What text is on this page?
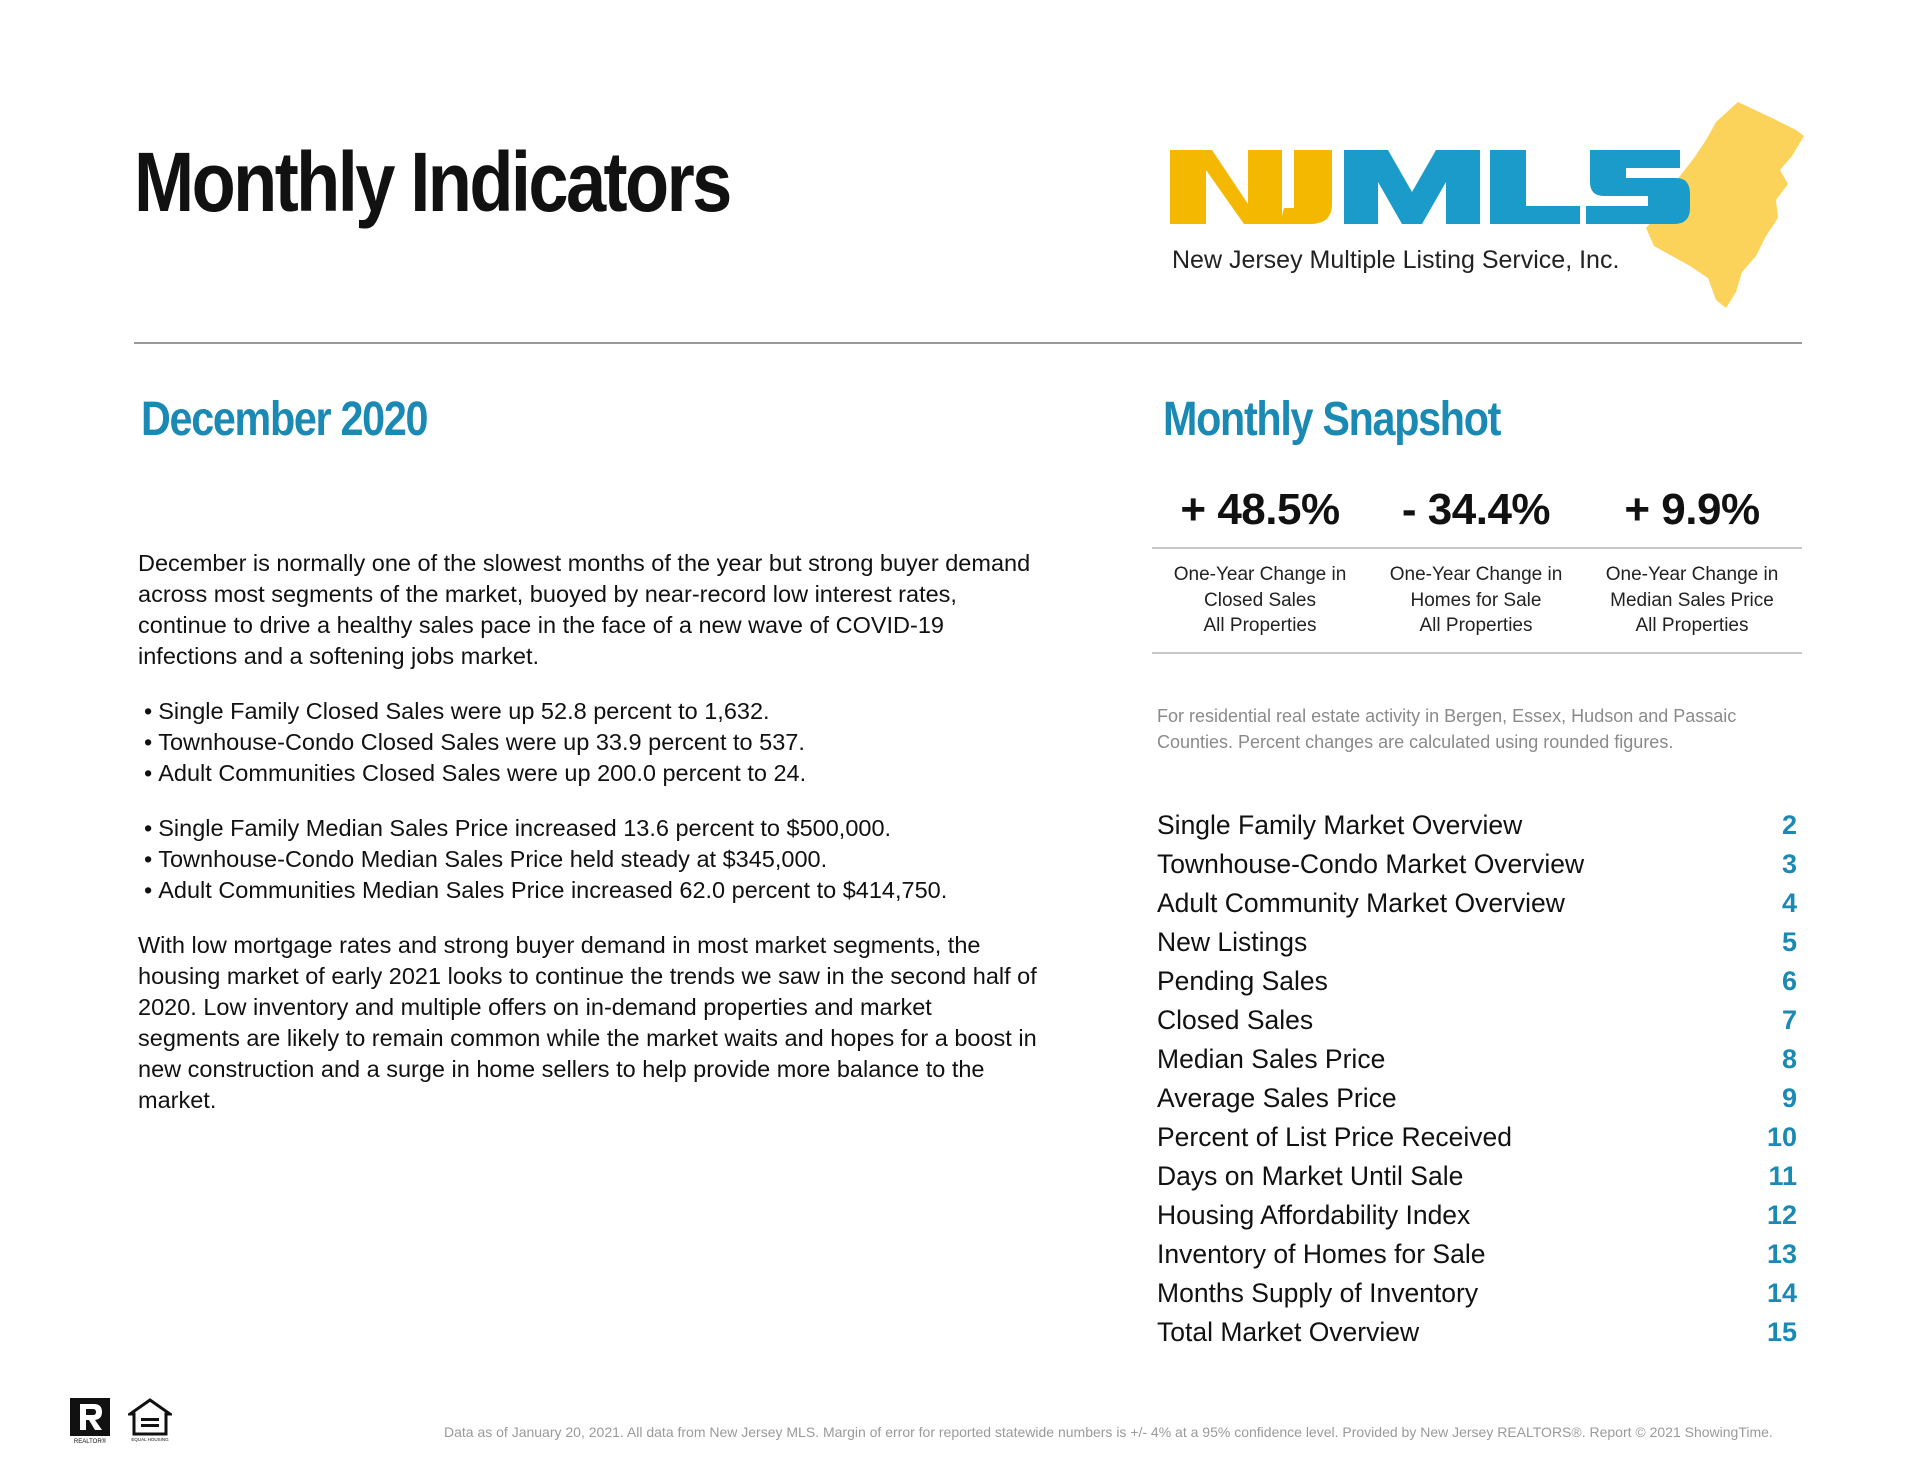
Monthly Indicators
New Jersey Multiple Listing Service, Inc.
December 2020

December is normally one of the slowest months of the year but strong buyer demand across most segments of the market, buoyed by near-record low interest rates, continue to drive a healthy sales pace in the face of a new wave of COVID-19 infections and a softening jobs market.

• Single Family Closed Sales were up 52.8 percent to 1,632.
• Townhouse-Condo Closed Sales were up 33.9 percent to 537.
• Adult Communities Closed Sales were up 200.0 percent to 24.
• Single Family Median Sales Price increased 13.6 percent to $500,000.
• Townhouse-Condo Median Sales Price held steady at $345,000.
• Adult Communities Median Sales Price increased 62.0 percent to $414,750.

With low mortgage rates and strong buyer demand in most market segments, the housing market of early 2021 looks to continue the trends we saw in the second half of 2020. Low inventory and multiple offers on in-demand properties and market segments are likely to remain common while the market waits and hopes for a boost in new construction and a surge in home sellers to help provide more balance to the market.

Monthly Snapshot
+ 48.5%	- 34.4%	+ 9.9%
One-Year Change in
Closed Sales
All Properties
One-Year Change in
Homes for Sale
All Properties
One-Year Change in
Median Sales Price
All Properties
For residential real estate activity in Bergen, Essex, Hudson and Passaic Counties. Percent changes are calculated using rounded figures.
Single Family Market Overview	2
Townhouse-Condo Market Overview	3
Adult Community Market Overview	4
New Listings	5
Pending Sales	6
Closed Sales	7
Median Sales Price	8
Average Sales Price	9
Percent of List Price Received	10
Days on Market Until Sale	11
Housing Affordability Index	12
Inventory of Homes for Sale	13
Months Supply of Inventory	14
Total Market Overview	15
REALTOR®	EQUAL HOUSING	Data as of January 20, 2021. All data from New Jersey MLS. Margin of error for reported statewide numbers is +/- 4% at a 95% confidence level. Provided by New Jersey REALTORS®. Report © 2021 ShowingTime.
